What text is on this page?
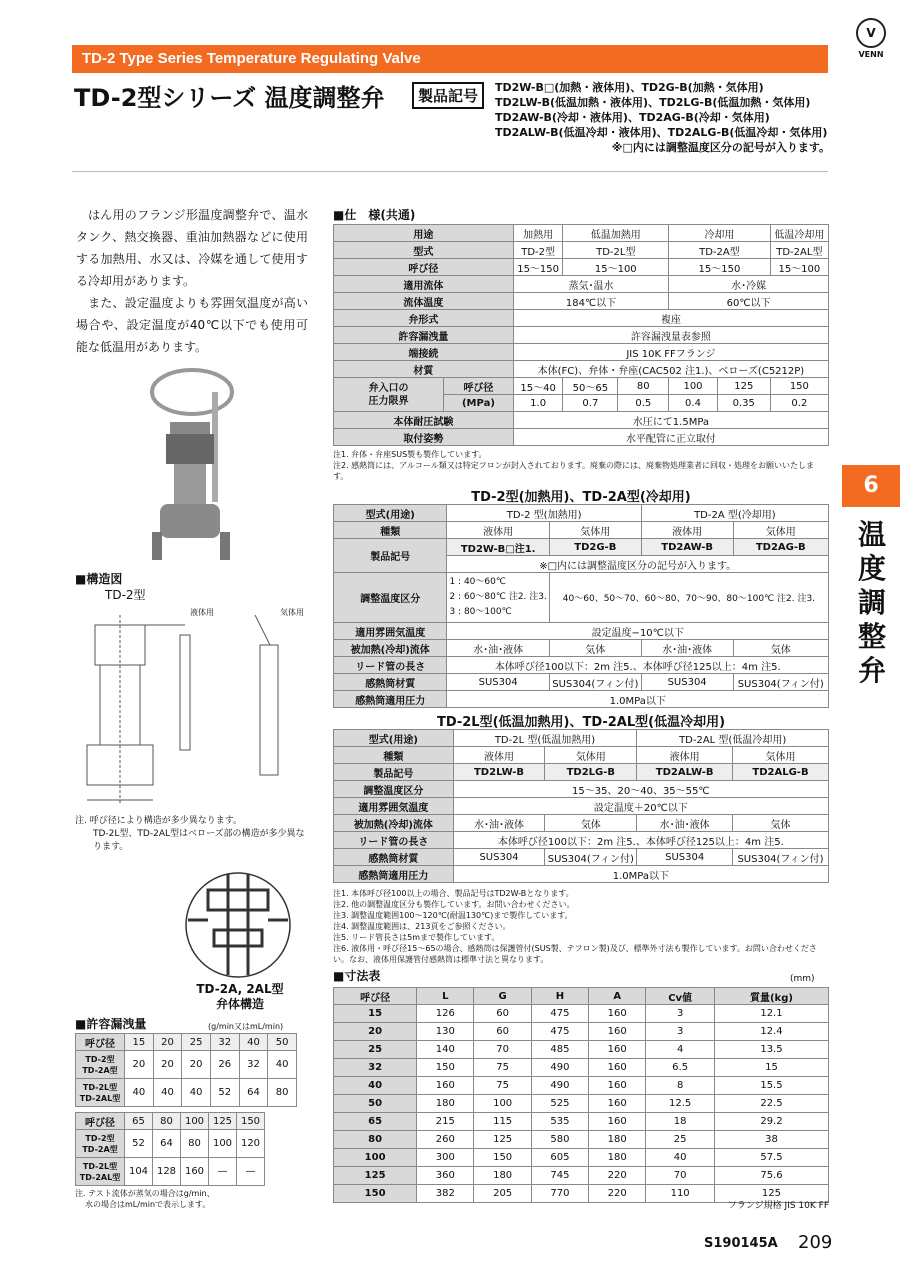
TD-2 Type Series Temperature Regulating Valve
V
VENN
6
温度調整弁
TD-2型シリーズ 温度調整弁	製品記号	TD2W-B□(加熱・液体用)、TD2G-B(加熱・気体用)
TD2LW-B(低温加熱・液体用)、TD2LG-B(低温加熱・気体用)
TD2AW-B(冷却・液体用)、TD2AG-B(冷却・気体用)
TD2ALW-B(低温冷却・液体用)、TD2ALG-B(低温冷却・気体用)
※□内には調整温度区分の記号が入ります。

はん用のフランジ形温度調整弁で、温水タンク、熱交換器、重油加熱器などに使用する加熱用、水又は、冷媒を通して使用する冷却用があります。

また、設定温度よりも雰囲気温度が高い場合や、設定温度が40℃以下でも使用可能な低温用があります。

■構造図
TD-2型
液体用	気体用
注. 呼び径により構造が多少異なります。
TD-2L型、TD-2AL型はベローズ部の構造が多少異なります。
TD-2A, 2AL型
弁体構造
■許容漏洩量	(g/min又はmL/min)
呼び径	15	20	25	32	40	50
TD-2型 TD-2A型	20	20	20	26	32	40
TD-2L型 TD-2AL型	40	40	40	52	64	80
呼び径	65	80	100	125	150
TD-2型 TD-2A型	52	64	80	100	120
TD-2L型 TD-2AL型	104	128	160	—	—
注. テスト流体が蒸気の場合はg/min、
水の場合はmL/minで表示します。
■仕　様(共通)
用途		加熱用	低温加熱用		冷却用		低温冷却用
型式		TD-2型	TD-2L型		TD-2A型		TD-2AL型
呼び径		15〜150	15〜100		15〜150		15〜100
適用流体		蒸気･温水			水･冷媒		
流体温度		184℃以下			60℃以下		
弁形式		複座					
許容漏洩量		許容漏洩量表参照					
端接続		JIS 10K FFフランジ					
材質		本体(FC)、弁体・弁座(CAC502 注1.)、ベローズ(C5212P)					
弁入口の
圧力限界	呼び径	15〜40	50〜65	80	100	125	150
	(MPa)	1.0	0.7	0.5	0.4	0.35	0.2
本体耐圧試験		水圧にて1.5MPa					
取付姿勢		水平配管に正立取付					
注1. 弁体・弁座SUS製も製作しています。
注2. 感熱筒には、アルコール類又は特定フロンが封入されております。廃棄の際には、廃棄物処理業者に回収・処理をお願いいたします。
TD-2型(加熱用)、TD-2A型(冷却用)
型式(用途)	TD-2 型(加熱用)		TD-2A 型(冷却用)	
種類	液体用	気体用	液体用	気体用
製品記号	TD2W-B□注1.	TD2G-B	TD2AW-B	TD2AG-B
	※□内には調整温度区分の記号が入ります。			
調整温度区分	1 : 40〜60℃
2 : 60〜80℃ 注2. 注3.
3 : 80〜100℃	40〜60、50〜70、60〜80、70〜90、80〜100℃ 注2. 注3.		
適用雰囲気温度	設定温度−10℃以下			
被加熱(冷却)流体	水･油･液体	気体	水･油･液体	気体
リード管の長さ	本体呼び径100以下：2m 注5.、本体呼び径125以上：4m 注5.			
感熱筒材質	SUS304	SUS304(フィン付)	SUS304	SUS304(フィン付)
感熱筒適用圧力	1.0MPa以下			
TD-2L型(低温加熱用)、TD-2AL型(低温冷却用)
型式(用途)	TD-2L 型(低温加熱用)		TD-2AL 型(低温冷却用)	
種類	液体用	気体用	液体用	気体用
製品記号	TD2LW-B	TD2LG-B	TD2ALW-B	TD2ALG-B
調整温度区分	15〜35、20〜40、35〜55℃			
適用雰囲気温度	設定温度＋20℃以下			
被加熱(冷却)流体	水･油･液体	気体	水･油･液体	気体
リード管の長さ	本体呼び径100以下：2m 注5.、本体呼び径125以上：4m 注5.			
感熱筒材質	SUS304	SUS304(フィン付)	SUS304	SUS304(フィン付)
感熱筒適用圧力	1.0MPa以下			
注1. 本体呼び径100以上の場合、製品記号はTD2W-Bとなります。
注2. 他の調整温度区分も製作しています。お問い合わせください。
注3. 調整温度範囲100〜120℃(耐温130℃)まで製作しています。
注4. 調整温度範囲は、213頁をご参照ください。
注5. リード管長さは5mまで製作しています。
注6. 液体用・呼び径15〜65の場合、感熱筒は保護管付(SUS製、テフロン製)及び、標準外寸法も製作しています。お問い合わせください。なお、液体用保護管付感熱筒は標準寸法と異なります。
■寸法表	(mm)
呼び径	L	G	H	A	Cv値	質量(kg)
15	126	60	475	160	3	12.1
20	130	60	475	160	3	12.4
25	140	70	485	160	4	13.5
32	150	75	490	160	6.5	15
40	160	75	490	160	8	15.5
50	180	100	525	160	12.5	22.5
65	215	115	535	160	18	29.2
80	260	125	580	180	25	38
100	300	150	605	180	40	57.5
125	360	180	745	220	70	75.6
150	382	205	770	220	110	125
フランジ規格 JIS 10K FF
S190145A 209
